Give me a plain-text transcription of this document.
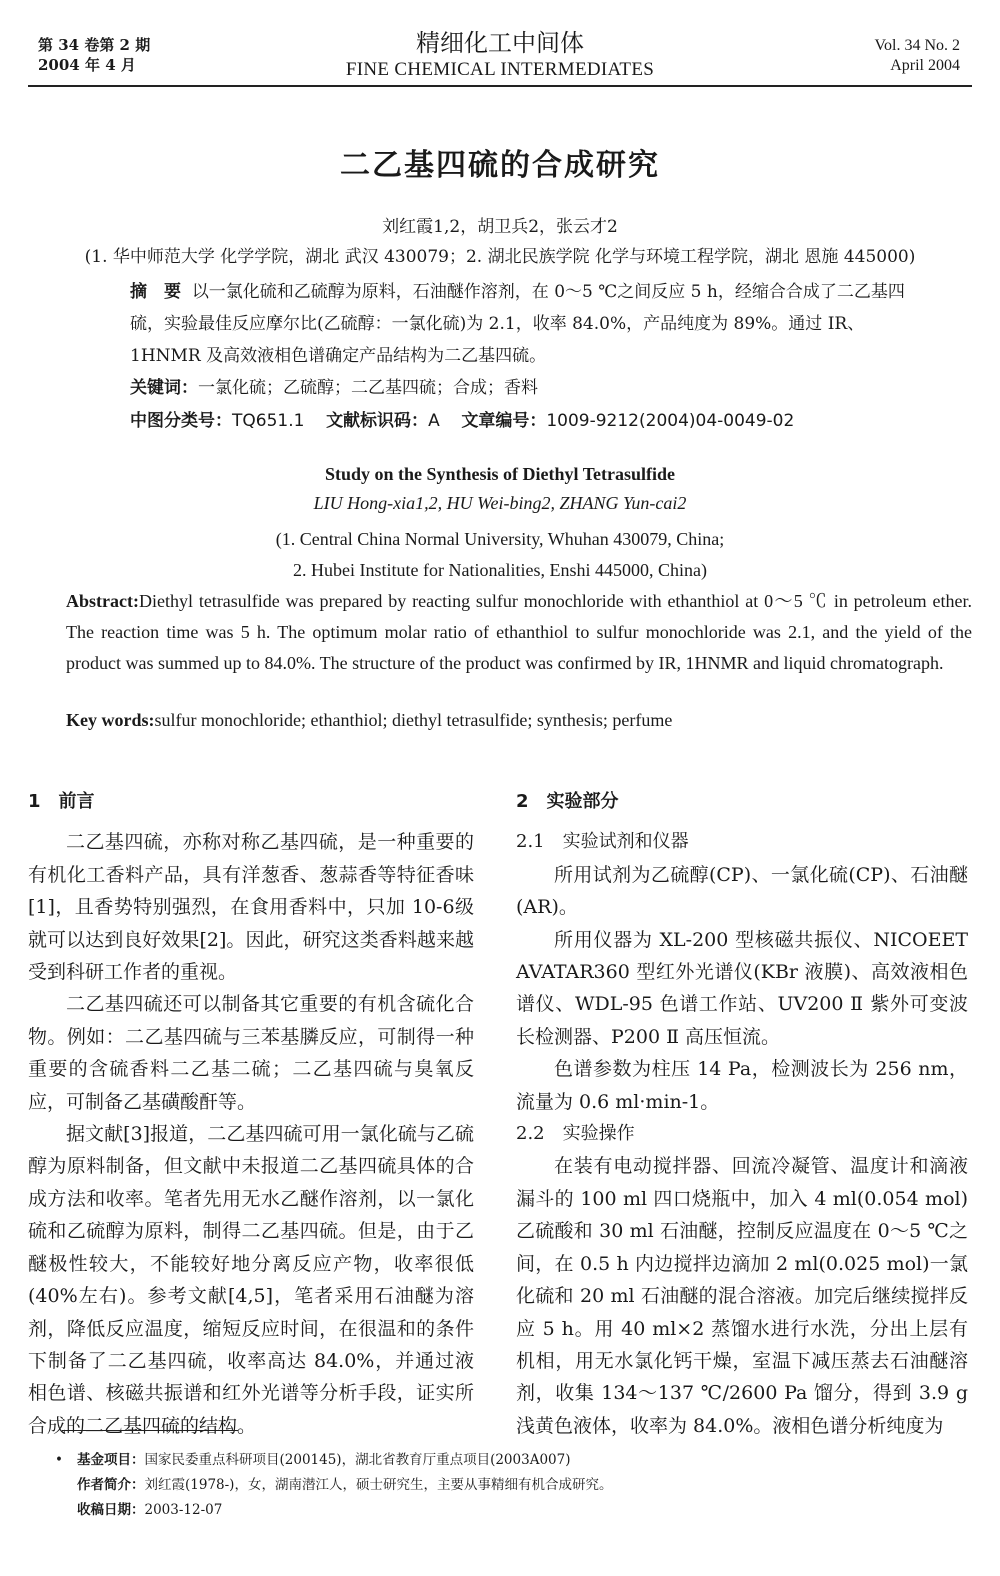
第 34 卷第 2 期
2004 年 4 月
精细化工中间体
FINE CHEMICAL INTERMEDIATES
Vol. 34 No. 2
April 2004
二乙基四硫的合成研究
刘红霞1,2，胡卫兵2，张云才2
(1. 华中师范大学 化学学院，湖北 武汉 430079；2. 湖北民族学院 化学与环境工程学院，湖北 恩施 445000)
摘　要 以一氯化硫和乙硫醇为原料，石油醚作溶剂，在 0～5 ℃之间反应 5 h，经缩合合成了二乙基四硫，实验最佳反应摩尔比(乙硫醇：一氯化硫)为 2.1，收率 84.0%，产品纯度为 89%。通过 IR、1HNMR 及高效液相色谱确定产品结构为二乙基四硫。
关键词：一氯化硫；乙硫醇；二乙基四硫；合成；香料
中图分类号：TQ651.1 文献标识码：A 文章编号：1009-9212(2004)04-0049-02
Study on the Synthesis of Diethyl Tetrasulfide
LIU Hong-xia1,2, HU Wei-bing2, ZHANG Yun-cai2
(1. Central China Normal University, Whuhan 430079, China;
2. Hubei Institute for Nationalities, Enshi 445000, China)
Abstract:Diethyl tetrasulfide was prepared by reacting sulfur monochloride with ethanthiol at 0～5 ℃ in petroleum ether. The reaction time was 5 h. The optimum molar ratio of ethanthiol to sulfur monochloride was 2.1, and the yield of the product was summed up to 84.0%. The structure of the product was confirmed by IR, 1HNMR and liquid chromatograph.
Key words:sulfur monochloride; ethanthiol; diethyl tetrasulfide; synthesis; perfume
1　前言

二乙基四硫，亦称对称乙基四硫，是一种重要的有机化工香料产品，具有洋葱香、葱蒜香等特征香味[1]，且香势特别强烈，在食用香料中，只加 10-6级就可以达到良好效果[2]。因此，研究这类香料越来越受到科研工作者的重视。

二乙基四硫还可以制备其它重要的有机含硫化合物。例如：二乙基四硫与三苯基膦反应，可制得一种重要的含硫香料二乙基二硫；二乙基四硫与臭氧反应，可制备乙基磺酸酐等。

据文献[3]报道，二乙基四硫可用一氯化硫与乙硫醇为原料制备，但文献中未报道二乙基四硫具体的合成方法和收率。笔者先用无水乙醚作溶剂，以一氯化硫和乙硫醇为原料，制得二乙基四硫。但是，由于乙醚极性较大，不能较好地分离反应产物，收率很低(40%左右)。参考文献[4,5]，笔者采用石油醚为溶剂，降低反应温度，缩短反应时间，在很温和的条件下制备了二乙基四硫，收率高达 84.0%，并通过液相色谱、核磁共振谱和红外光谱等分析手段，证实所合成的二乙基四硫的结构。

2　实验部分
2.1　实验试剂和仪器

所用试剂为乙硫醇(CP)、一氯化硫(CP)、石油醚(AR)。

所用仪器为 XL-200 型核磁共振仪、NICOEET AVATAR360 型红外光谱仪(KBr 液膜)、高效液相色谱仪、WDL-95 色谱工作站、UV200 Ⅱ 紫外可变波长检测器、P200 Ⅱ 高压恒流。

色谱参数为柱压 14 Pa，检测波长为 256 nm，流量为 0.6 ml·min-1。

2.2　实验操作

在装有电动搅拌器、回流冷凝管、温度计和滴液漏斗的 100 ml 四口烧瓶中，加入 4 ml(0.054 mol)乙硫酸和 30 ml 石油醚，控制反应温度在 0～5 ℃之间，在 0.5 h 内边搅拌边滴加 2 ml(0.025 mol)一氯化硫和 20 ml 石油醚的混合溶液。加完后继续搅拌反应 5 h。用 40 ml×2 蒸馏水进行水洗，分出上层有机相，用无水氯化钙干燥，室温下减压蒸去石油醚溶剂，收集 134～137 ℃/2600 Pa 馏分，得到 3.9 g 浅黄色液体，收率为 84.0%。液相色谱分析纯度为

• 基金项目：国家民委重点科研项目(200145)，湖北省教育厅重点项目(2003A007)
作者简介：刘红霞(1978-)，女，湖南潜江人，硕士研究生，主要从事精细有机合成研究。
收稿日期：2003-12-07
